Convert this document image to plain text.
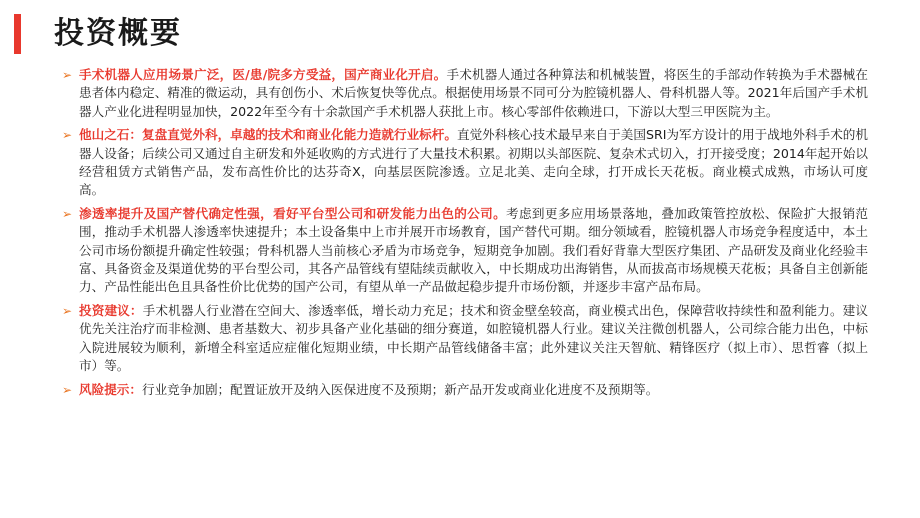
投资概要
➢ 手术机器人应用场景广泛，医/患/院多方受益，国产商业化开启。手术机器人通过各种算法和机械装置，将医生的手部动作转换为手术器械在患者体内稳定、精准的微运动，具有创伤小、术后恢复快等优点。根据使用场景不同可分为腔镜机器人、骨科机器人等。2021年后国产手术机器人产业化进程明显加快，2022年至今有十余款国产手术机器人获批上市。核心零部件依赖进口，下游以大型三甲医院为主。
➢ 他山之石：复盘直觉外科，卓越的技术和商业化能力造就行业标杆。直觉外科核心技术最早来自于美国SRI为军方设计的用于战地外科手术的机器人设备；后续公司又通过自主研发和外延收购的方式进行了大量技术积累。初期以头部医院、复杂术式切入，打开接受度；2014年起开始以经营租赁方式销售产品，发布高性价比的达芬奇X，向基层医院渗透。立足北美、走向全球，打开成长天花板。商业模式成熟，市场认可度高。
➢ 渗透率提升及国产替代确定性强，看好平台型公司和研发能力出色的公司。考虑到更多应用场景落地，叠加政策管控放松、保险扩大报销范围，推动手术机器人渗透率快速提升；本土设备集中上市并展开市场教育，国产替代可期。细分领域看，腔镜机器人市场竞争程度适中，本土公司市场份额提升确定性较强；骨科机器人当前核心矛盾为市场竞争，短期竞争加剧。我们看好背靠大型医疗集团、产品研发及商业化经验丰富、具备资金及渠道优势的平台型公司，其各产品管线有望陆续贡献收入，中长期成功出海销售，从而拔高市场规模天花板；具备自主创新能力、产品性能出色且具备性价比优势的国产公司，有望从单一产品做起稳步提升市场份额，并逐步丰富产品布局。
➢ 投资建议：手术机器人行业潜在空间大、渗透率低，增长动力充足；技术和资金壁垒较高，商业模式出色，保障营收持续性和盈利能力。建议优先关注治疗而非检测、患者基数大、初步具备产业化基础的细分赛道，如腔镜机器人行业。建议关注微创机器人，公司综合能力出色，中标入院进展较为顺利，新增全科室适应症催化短期业绩，中长期产品管线储备丰富；此外建议关注天智航、精锋医疗（拟上市）、思哲睿（拟上市）等。
➢ 风险提示：行业竞争加剧；配置证放开及纳入医保进度不及预期；新产品开发或商业化进度不及预期等。
